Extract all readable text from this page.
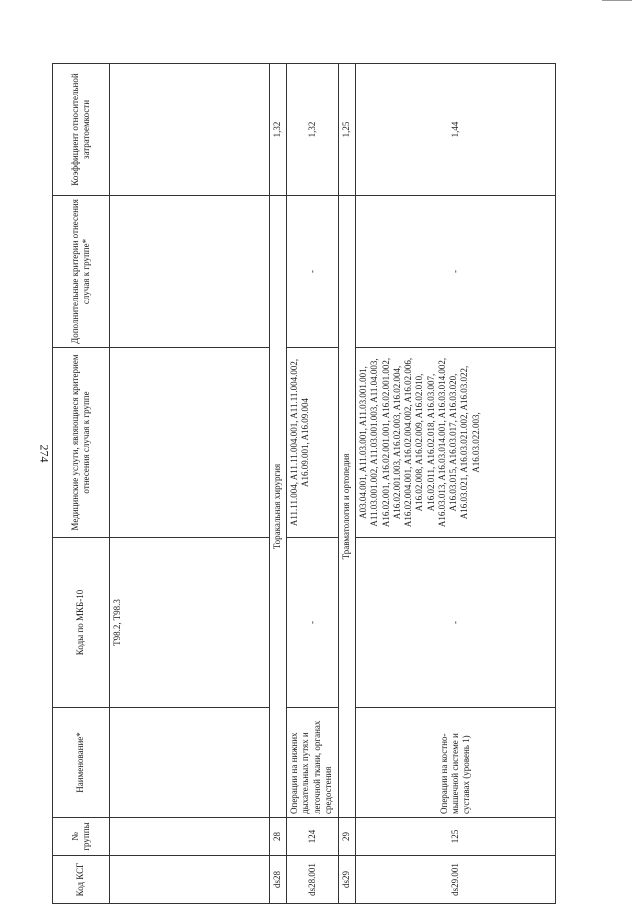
274
Код КСГ	№ группы	Наименование*	Коды по МКБ-10	Медицинские услуги, являющиеся критерием отнесения случая к группе	Дополнительные критерии отнесения случая к группе*	Коэффициент относительной затратоемкости
			T98.2, T98.3			
ds28	28	Торакальная хирургия				1,32
ds28.001	124	Операции на нижних дыхательных путях и легочной ткани, органах средостения	-	A11.11.004, A11.11.004.001, A11.11.004.002, A16.09.001, A16.09.004	-	1,32
ds29	29	Травматология и ортопедия				1,25
ds29.001	125	Операции на костно-мышечной системе и суставах (уровень 1)	-	A03.04.001, A11.03.001, A11.03.001.001, A11.03.001.002, A11.03.001.003, A11.04.003, A16.02.001, A16.02.001.001, A16.02.001.002, A16.02.001.003, A16.02.003, A16.02.004, A16.02.004.001, A16.02.004.002, A16.02.006, A16.02.008, A16.02.009, A16.02.010, A16.02.011, A16.02.018, A16.03.007, A16.03.013, A16.03.014.001, A16.03.014.002, A16.03.015, A16.03.017, A16.03.020, A16.03.021, A16.03.021.002, A16.03.022, A16.03.022.003,	-	1,44
